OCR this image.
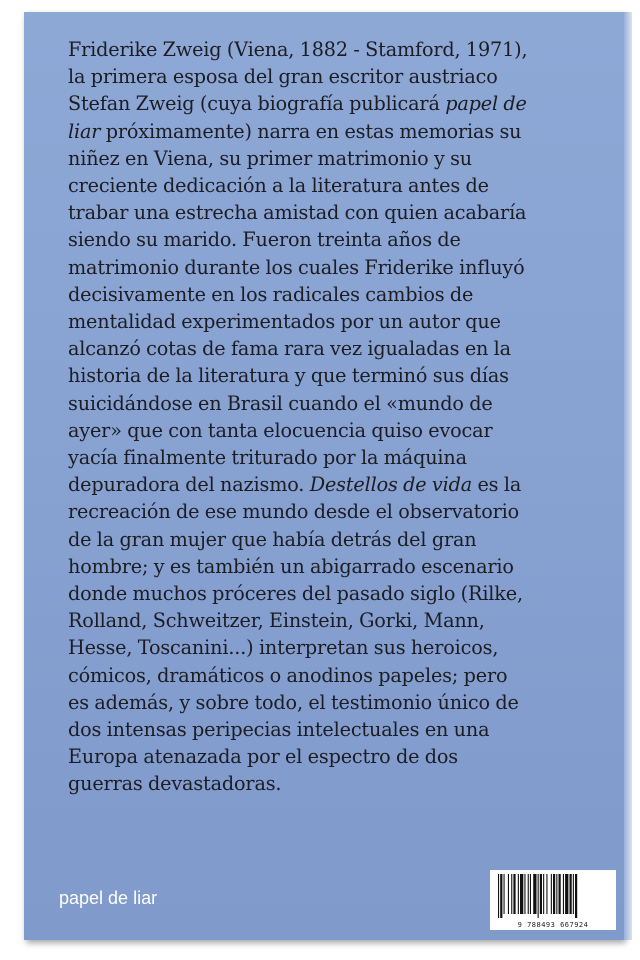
Friderike Zweig (Viena, 1882 - Stamford, 1971), la primera esposa del gran escritor austriaco Stefan Zweig (cuya biografía publicará papel de liar próximamente) narra en estas memorias su niñez en Viena, su primer matrimonio y su creciente dedicación a la literatura antes de trabar una estrecha amistad con quien acabaría siendo su marido. Fueron treinta años de matrimonio durante los cuales Friderike influyó decisivamente en los radicales cambios de mentalidad experimentados por un autor que alcanzó cotas de fama rara vez igualadas en la historia de la literatura y que terminó sus días suicidándose en Brasil cuando el «mundo de ayer» que con tanta elocuencia quiso evocar yacía finalmente triturado por la máquina depuradora del nazismo. Destellos de vida es la recreación de ese mundo desde el observatorio de la gran mujer que había detrás del gran hombre; y es también un abigarrado escenario donde muchos próceres del pasado siglo (Rilke, Rolland, Schweitzer, Einstein, Gorki, Mann, Hesse, Toscanini...) interpretan sus heroicos, cómicos, dramáticos o anodinos papeles; pero es además, y sobre todo, el testimonio único de dos intensas peripecias intelectuales en una Europa atenazada por el espectro de dos guerras devastadoras.

papel de liar
9 788493 667924
